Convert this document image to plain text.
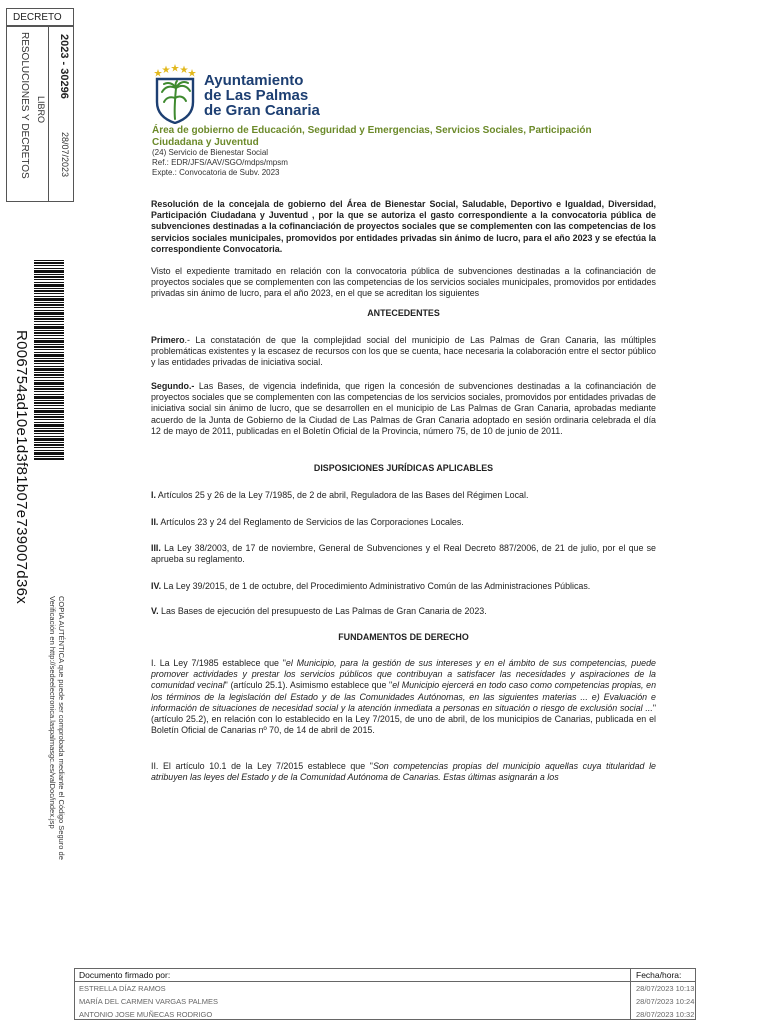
DECRETO
RESOLUCIONES Y DECRETOS	2023 - 30296
LIBRO
28/07/2023
R006754ad10e1d3f81b07e739007d36x
COPIA AUTÉNTICA que puede ser comprobada mediante el Código Seguro de
Verificación en http://sedeelectronica.laspalmasgc.es/valDoc/index.jsp
Ayuntamiento
de Las Palmas
de Gran Canaria
Área de gobierno de Educación, Seguridad y Emergencias, Servicios Sociales, Participación Ciudadana y Juventud
(24) Servicio de Bienestar Social
Ref.: EDR/JFS/AAV/SGO/mdps/mpsm
Expte.: Convocatoria de Subv. 2023
Resolución de la concejala de gobierno del Área de Bienestar Social, Saludable, Deportivo e Igualdad, Diversidad, Participación Ciudadana y Juventud , por la que se autoriza el gasto correspondiente a la convocatoria pública de subvenciones destinadas a la cofinanciación de proyectos sociales que se complementen con las competencias de los servicios sociales municipales, promovidos por entidades privadas sin ánimo de lucro, para el año 2023 y se efectúa la correspondiente Convocatoria.
Visto el expediente tramitado en relación con la convocatoria pública de subvenciones destinadas a la cofinanciación de proyectos sociales que se complementen con las competencias de los servicios sociales municipales, promovidos por entidades privadas sin ánimo de lucro, para el año 2023, en el que se acreditan los siguientes
ANTECEDENTES
Primero.- La constatación de que la complejidad social del municipio de Las Palmas de Gran Canaria, las múltiples problemáticas existentes y la escasez de recursos con los que se cuenta, hace necesaria la colaboración entre el sector público y las entidades privadas de iniciativa social.
Segundo.- Las Bases, de vigencia indefinida, que rigen la concesión de subvenciones destinadas a la cofinanciación de proyectos sociales que se complementen con las competencias de los servicios sociales, promovidos por entidades privadas de iniciativa social sin ánimo de lucro, que se desarrollen en el municipio de Las Palmas de Gran Canaria, aprobadas mediante acuerdo de la Junta de Gobierno de la Ciudad de Las Palmas de Gran Canaria adoptado en sesión ordinaria celebrada el día 12 de mayo de 2011, publicadas en el Boletín Oficial de la Provincia, número 75, de 10 de junio de 2011.
DISPOSICIONES JURÍDICAS APLICABLES
I. Artículos 25 y 26 de la Ley 7/1985, de 2 de abril, Reguladora de las Bases del Régimen Local.
II. Artículos 23 y 24 del Reglamento de Servicios de las Corporaciones Locales.
III. La Ley 38/2003, de 17 de noviembre, General de Subvenciones y el Real Decreto 887/2006, de 21 de julio, por el que se aprueba su reglamento.
IV. La Ley 39/2015, de 1 de octubre, del Procedimiento Administrativo Común de las Administraciones Públicas.
V. Las Bases de ejecución del presupuesto de Las Palmas de Gran Canaria de 2023.
FUNDAMENTOS DE DERECHO
I. La Ley 7/1985 establece que "el Municipio, para la gestión de sus intereses y en el ámbito de sus competencias, puede promover actividades y prestar los servicios públicos que contribuyan a satisfacer las necesidades y aspiraciones de la comunidad vecinal" (artículo 25.1). Asimismo establece que "el Municipio ejercerá en todo caso como competencias propias, en los términos de la legislación del Estado y de las Comunidades Autónomas, en las siguientes materias ... e) Evaluación e información de situaciones de necesidad social y la atención inmediata a personas en situación o riesgo de exclusión social ..." (artículo 25.2), en relación con lo establecido en la Ley 7/2015, de uno de abril, de los municipios de Canarias, publicada en el Boletín Oficial de Canarias nº 70, de 14 de abril de 2015.
II. El artículo 10.1 de la Ley 7/2015 establece que "Son competencias propias del municipio aquellas cuya titularidad le atribuyen las leyes del Estado y de la Comunidad Autónoma de Canarias. Estas últimas asignarán a los
Documento firmado por:	Fecha/hora:
ESTRELLA DÍAZ RAMOS	28/07/2023 10:13
MARÍA DEL CARMEN VARGAS PALMES	28/07/2023 10:24
ANTONIO JOSE MUÑECAS RODRIGO	28/07/2023 10:32
